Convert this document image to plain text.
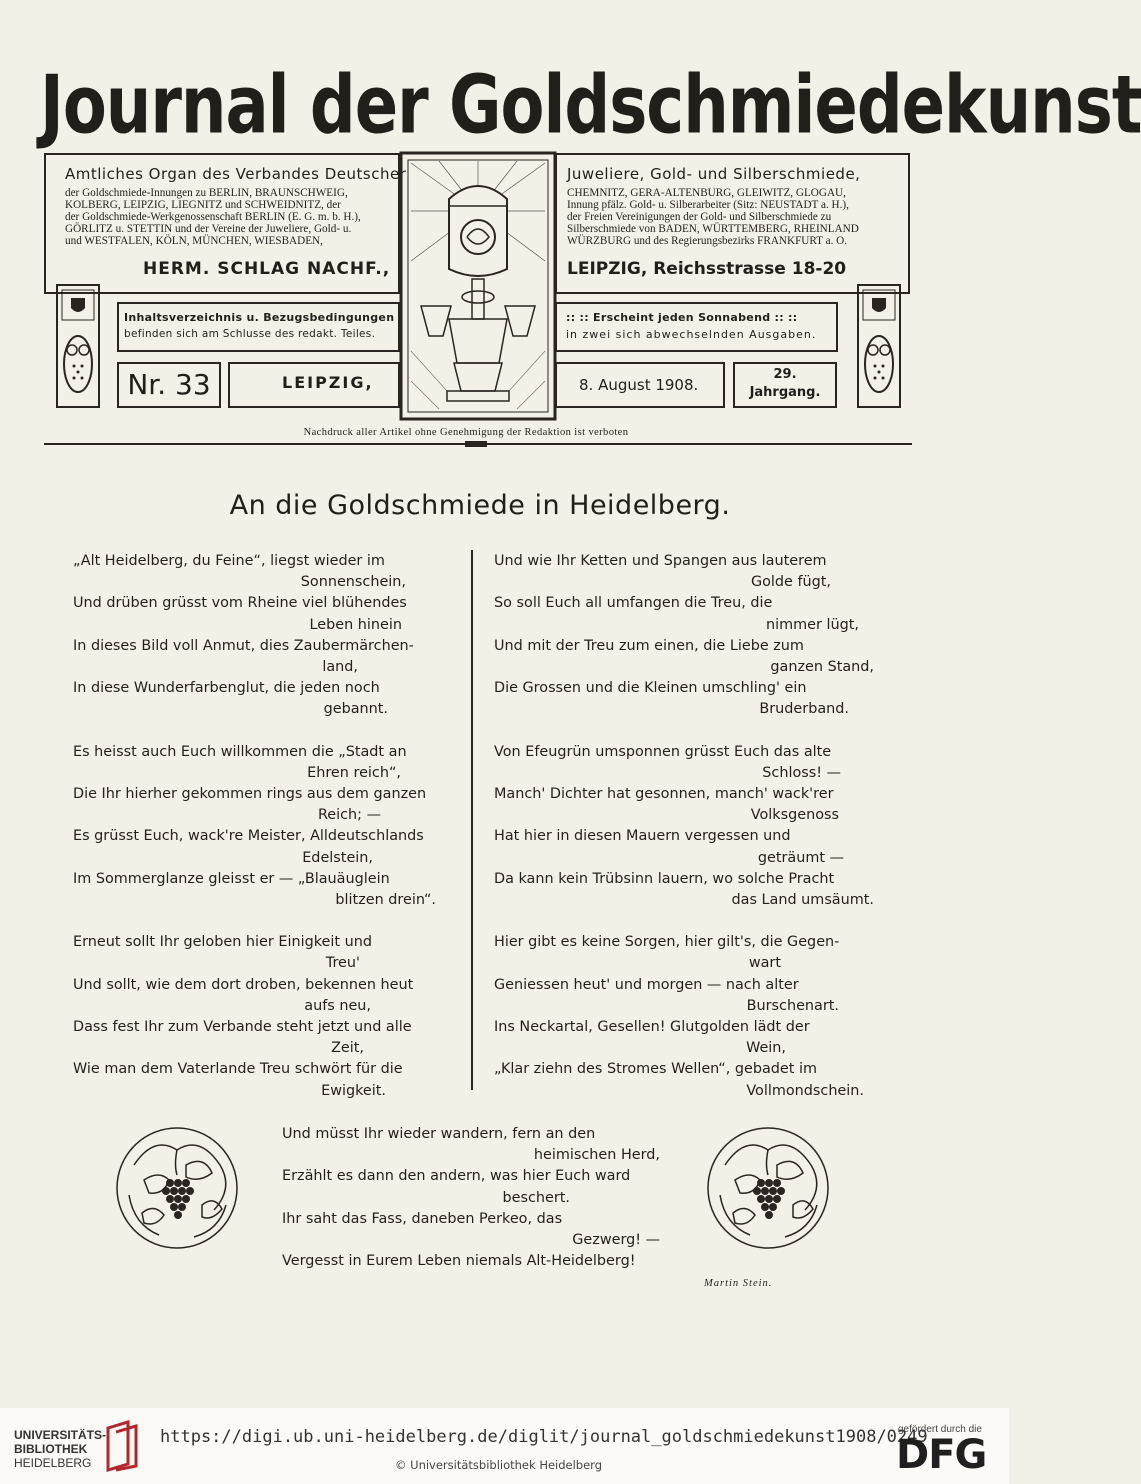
Journal der Goldschmiedekunst
Amtliches Organ des Verbandes Deutscher
der Goldschmiede-Innungen zu BERLIN, BRAUNSCHWEIG,
KOLBERG, LEIPZIG, LIEGNITZ und SCHWEIDNITZ, der
der Goldschmiede-Werkgenossenschaft BERLIN (E. G. m. b. H.),
GÖRLITZ u. STETTIN und der Vereine der Juweliere, Gold- u.
und WESTFALEN, KÖLN, MÜNCHEN, WIESBADEN,
HERM. SCHLAG NACHF.,
Juweliere, Gold- und Silberschmiede,
CHEMNITZ, GERA-ALTENBURG, GLEIWITZ, GLOGAU,
Innung pfälz. Gold- u. Silberarbeiter (Sitz: NEUSTADT a. H.),
der Freien Vereinigungen der Gold- und Silberschmiede zu
Silberschmiede von BADEN, WÜRTTEMBERG, RHEINLAND
WÜRZBURG und des Regierungsbezirks FRANKFURT a. O.
LEIPZIG, Reichsstrasse 18-20
Inhaltsverzeichnis u. Bezugsbedingungen
befinden sich am Schlusse des redakt. Teiles.
:: :: Erscheint jeden Sonnabend :: ::
in zwei sich abwechselnden Ausgaben.
Nr. 33	LEIPZIG,	8. August 1908.
29.
Jahrgang.
Nachdruck aller Artikel ohne Genehmigung der Redaktion ist verboten
An die Goldschmiede in Heidelberg.
„Alt Heidelberg, du Feine“, liegst wieder im
Sonnenschein,
Und drüben grüsst vom Rheine viel blühendes
Leben hinein
In dieses Bild voll Anmut, dies Zaubermärchen-
land,
In diese Wunderfarbenglut, die jeden noch
gebannt.
Es heisst auch Euch willkommen die „Stadt an
Ehren reich“,
Die Ihr hierher gekommen rings aus dem ganzen
Reich; —
Es grüsst Euch, wack're Meister, Alldeutschlands
Edelstein,
Im Sommerglanze gleisst er — „Blauäuglein
blitzen drein“.
Erneut sollt Ihr geloben hier Einigkeit und
Treu'
Und sollt, wie dem dort droben, bekennen heut
aufs neu,
Dass fest Ihr zum Verbande steht jetzt und alle
Zeit,
Wie man dem Vaterlande Treu schwört für die
Ewigkeit.
Und wie Ihr Ketten und Spangen aus lauterem
Golde fügt,
So soll Euch all umfangen die Treu, die
nimmer lügt,
Und mit der Treu zum einen, die Liebe zum
ganzen Stand,
Die Grossen und die Kleinen umschling' ein
Bruderband.
Von Efeugrün umsponnen grüsst Euch das alte
Schloss! —
Manch' Dichter hat gesonnen, manch' wack'rer
Volksgenoss
Hat hier in diesen Mauern vergessen und
geträumt —
Da kann kein Trübsinn lauern, wo solche Pracht
das Land umsäumt.
Hier gibt es keine Sorgen, hier gilt's, die Gegen-
wart
Geniessen heut' und morgen — nach alter
Burschenart.
Ins Neckartal, Gesellen! Glutgolden lädt der
Wein,
„Klar ziehn des Stromes Wellen“, gebadet im
Vollmondschein.
Und müsst Ihr wieder wandern, fern an den
heimischen Herd,
Erzählt es dann den andern, was hier Euch ward
beschert.
Ihr saht das Fass, daneben Perkeo, das
Gezwerg! —
Vergesst in Eurem Leben niemals Alt-Heidelberg!
Martin Stein.
UNIVERSITÄTS-
BIBLIOTHEK
HEIDELBERG
https://digi.ub.uni-heidelberg.de/diglit/journal_goldschmiedekunst1908/0249
© Universitätsbibliothek Heidelberg
gefördert durch die
DFG
